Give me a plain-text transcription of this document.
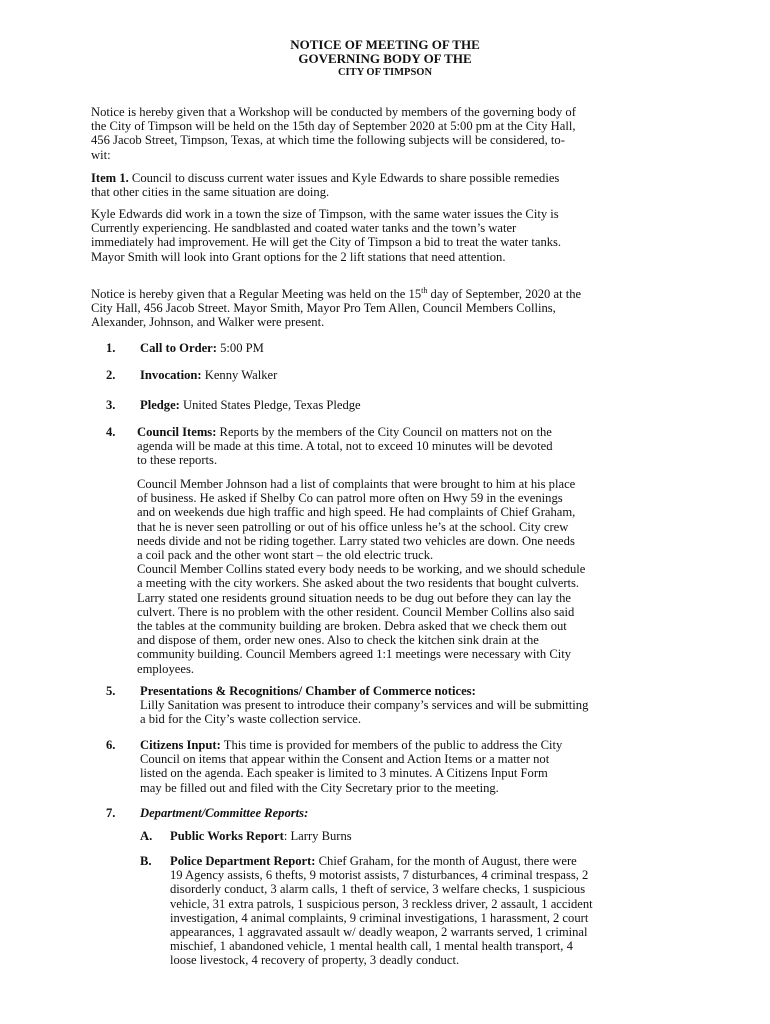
NOTICE OF MEETING OF THE
GOVERNING BODY OF THE
CITY OF TIMPSON
Notice is hereby given that a Workshop will be conducted by members of the governing body of
the City of Timpson will be held on the 15th day of September 2020 at 5:00 pm at the City Hall,
456 Jacob Street, Timpson, Texas, at which time the following subjects will be considered, to-
wit:
Item 1. Council to discuss current water issues and Kyle Edwards to share possible remedies
that other cities in the same situation are doing.
Kyle Edwards did work in a town the size of Timpson, with the same water issues the City is
Currently experiencing. He sandblasted and coated water tanks and the town’s water
immediately had improvement. He will get the City of Timpson a bid to treat the water tanks.
Mayor Smith will look into Grant options for the 2 lift stations that need attention.
Notice is hereby given that a Regular Meeting was held on the 15th day of September, 2020 at the
City Hall, 456 Jacob Street. Mayor Smith, Mayor Pro Tem Allen, Council Members Collins,
Alexander, Johnson, and Walker were present.
1. Call to Order: 5:00 PM
2. Invocation: Kenny Walker
3. Pledge: United States Pledge, Texas Pledge
4. Council Items: Reports by the members of the City Council on matters not on the
agenda will be made at this time. A total, not to exceed 10 minutes will be devoted
to these reports.
Council Member Johnson had a list of complaints that were brought to him at his place
of business. He asked if Shelby Co can patrol more often on Hwy 59 in the evenings
and on weekends due high traffic and high speed. He had complaints of Chief Graham,
that he is never seen patrolling or out of his office unless he’s at the school. City crew
needs divide and not be riding together. Larry stated two vehicles are down. One needs
a coil pack and the other wont start – the old electric truck.
Council Member Collins stated every body needs to be working, and we should schedule
a meeting with the city workers. She asked about the two residents that bought culverts.
Larry stated one residents ground situation needs to be dug out before they can lay the
culvert. There is no problem with the other resident. Council Member Collins also said
the tables at the community building are broken. Debra asked that we check them out
and dispose of them, order new ones. Also to check the kitchen sink drain at the
community building. Council Members agreed 1:1 meetings were necessary with City
employees.
5. Presentations & Recognitions/ Chamber of Commerce notices:
Lilly Sanitation was present to introduce their company’s services and will be submitting
a bid for the City’s waste collection service.
6. Citizens Input: This time is provided for members of the public to address the City
Council on items that appear within the Consent and Action Items or a matter not
listed on the agenda. Each speaker is limited to 3 minutes. A Citizens Input Form
may be filled out and filed with the City Secretary prior to the meeting.
7. Department/Committee Reports:
A. Public Works Report: Larry Burns
B. Police Department Report: Chief Graham, for the month of August, there were
19 Agency assists, 6 thefts, 9 motorist assists, 7 disturbances, 4 criminal trespass, 2
disorderly conduct, 3 alarm calls, 1 theft of service, 3 welfare checks, 1 suspicious
vehicle, 31 extra patrols, 1 suspicious person, 3 reckless driver, 2 assault, 1 accident
investigation, 4 animal complaints, 9 criminal investigations, 1 harassment, 2 court
appearances, 1 aggravated assault w/ deadly weapon, 2 warrants served, 1 criminal
mischief, 1 abandoned vehicle, 1 mental health call, 1 mental health transport, 4
loose livestock, 4 recovery of property, 3 deadly conduct.
